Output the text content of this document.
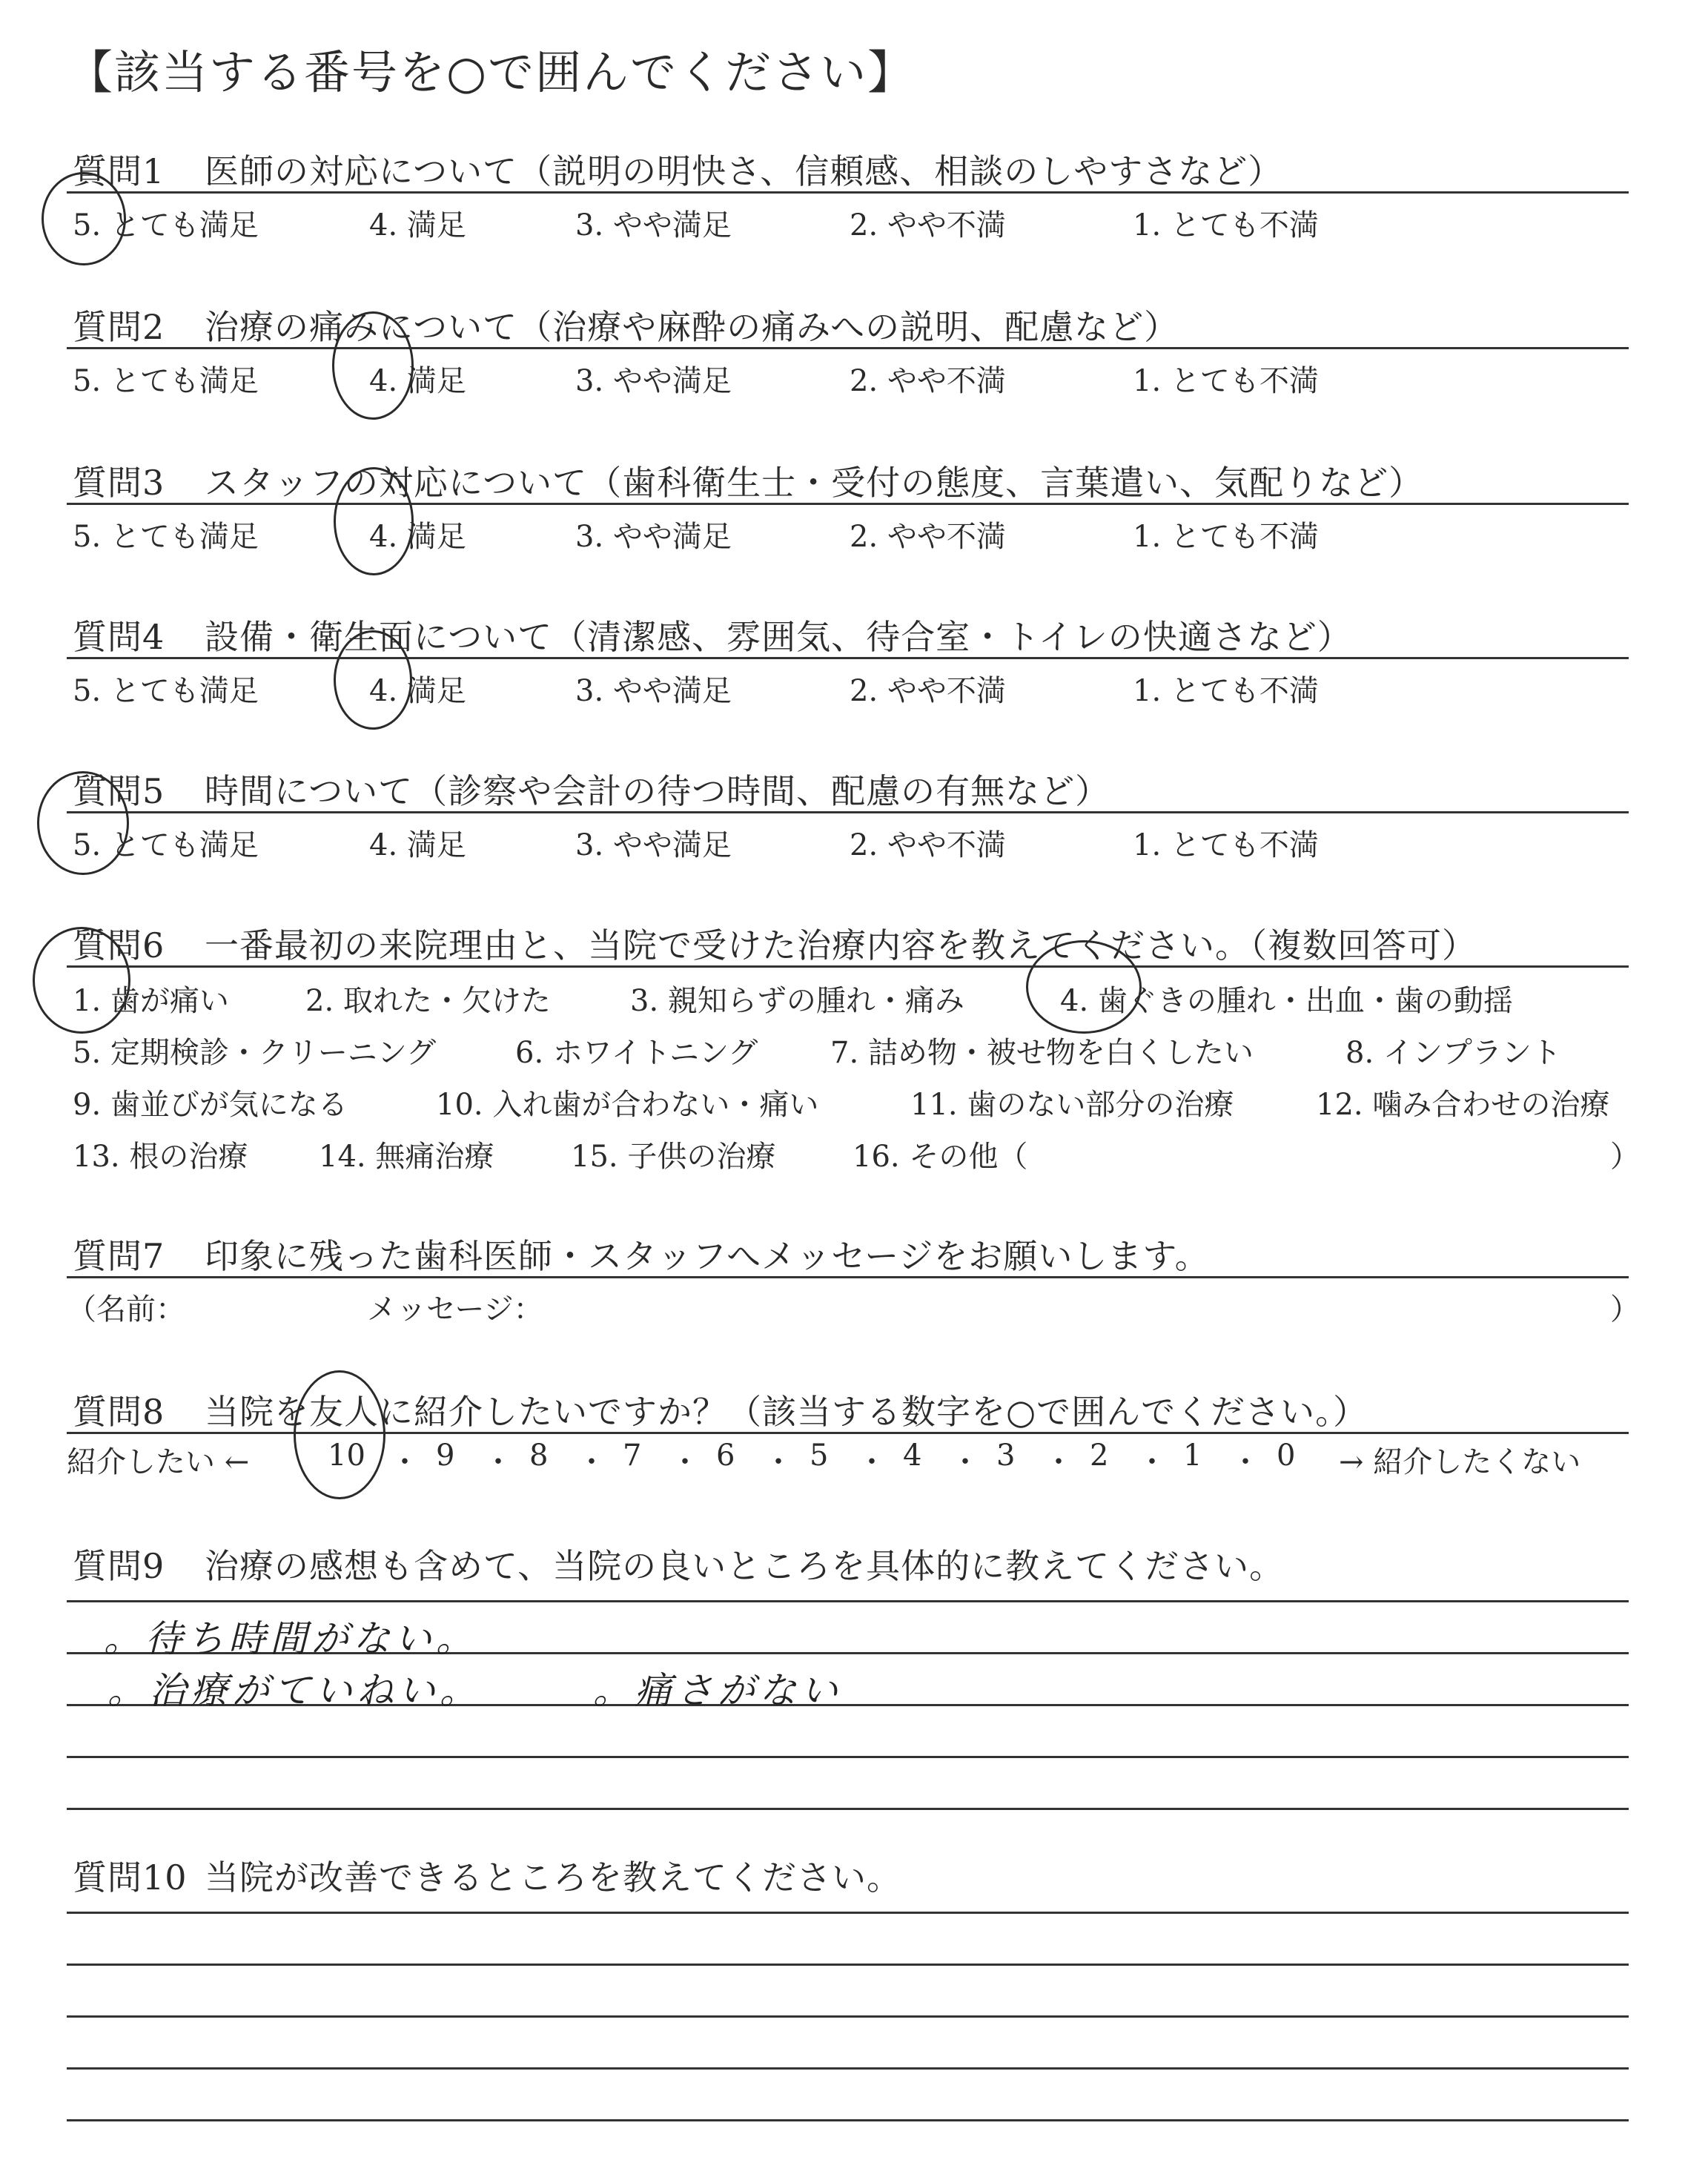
【該当する番号を○で囲んでください】
質問1 医師の対応について（説明の明快さ、信頼感、相談のしやすさなど）
5. とても満足	4. 満足	3. やや満足	2. やや不満	1. とても不満
質問2 治療の痛みについて（治療や麻酔の痛みへの説明、配慮など）
5. とても満足	4. 満足	3. やや満足	2. やや不満	1. とても不満
質問3 スタッフの対応について（歯科衛生士・受付の態度、言葉遣い、気配りなど）
5. とても満足	4. 満足	3. やや満足	2. やや不満	1. とても不満
質問4 設備・衛生面について（清潔感、雰囲気、待合室・トイレの快適さなど）
5. とても満足	4. 満足	3. やや満足	2. やや不満	1. とても不満
質問5 時間について（診察や会計の待つ時間、配慮の有無など）
5. とても満足	4. 満足	3. やや満足	2. やや不満	1. とても不満
質問6 一番最初の来院理由と、当院で受けた治療内容を教えてください。（複数回答可）
1. 歯が痛い	2. 取れた・欠けた	3. 親知らずの腫れ・痛み	4. 歯ぐきの腫れ・出血・歯の動揺
5. 定期検診・クリーニング	6. ホワイトニング 7. 詰め物・被せ物を白くしたい	8. インプラント
9. 歯並びが気になる	10. 入れ歯が合わない・痛い	11. 歯のない部分の治療	12. 噛み合わせの治療
13. 根の治療 14. 無痛治療	15. 子供の治療	16. その他（	）
質問7 印象に残った歯科医師・スタッフへメッセージをお願いします。
（名前：	メッセージ：	）
質問8 当院を友人に紹介したいですか？（該当する数字を○で囲んでください。）
紹介したい ←	10 ・ 9 ・ 8 ・ 7 ・ 6 ・ 5 ・ 4 ・ 3 ・ 2 ・ 1 ・ 0 → 紹介したくない
質問9 治療の感想も含めて、当院の良いところを具体的に教えてください。
。待ち時間がない。
。治療がていねい。	。痛さがない
質問10 当院が改善できるところを教えてください。
